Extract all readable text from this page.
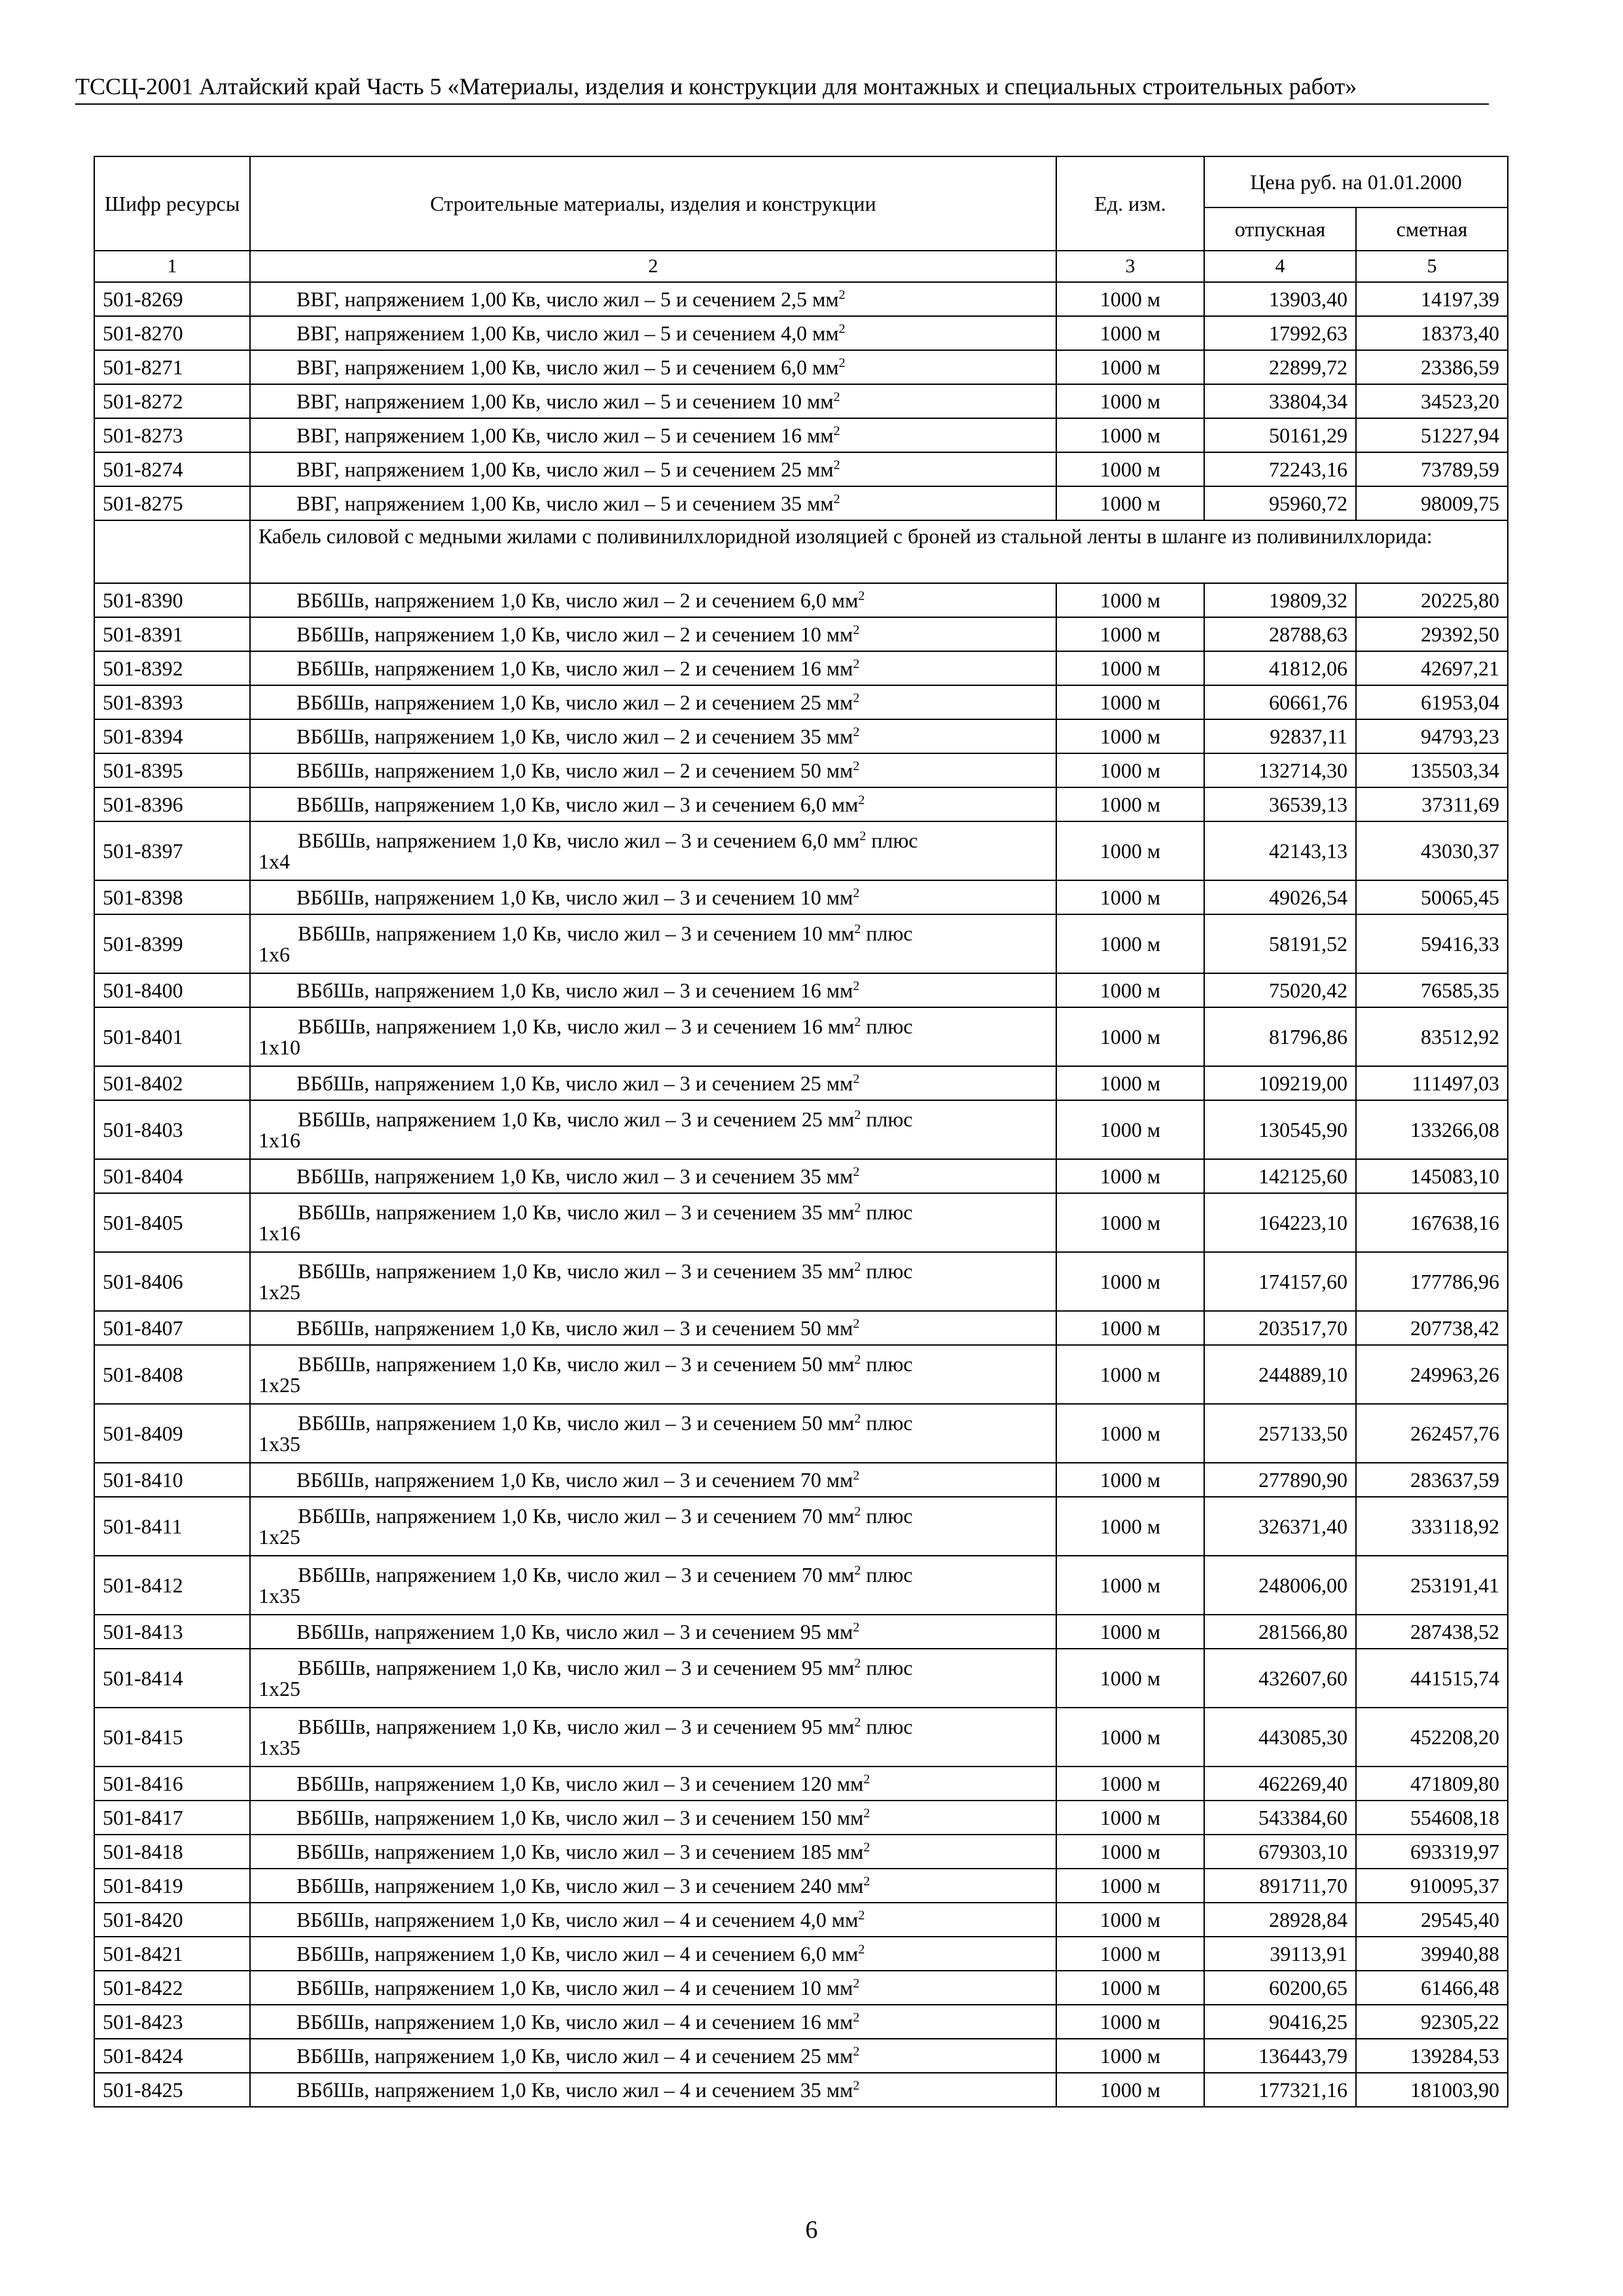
ТССЦ-2001 Алтайский край Часть 5 «Материалы, изделия и конструкции для монтажных и специальных строительных работ»
Шифр ресурсы	Строительные материалы, изделия и конструкции	Ед. изм.	Цена руб. на 01.01.2000	
			отпускная	сметная
1	2	3	4	5
501-8269	ВВГ, напряжением 1,00 Кв, число жил – 5 и сечением 2,5 $мм^2$	1000 м	13903,40	14197,39
501-8270	ВВГ, напряжением 1,00 Кв, число жил – 5 и сечением 4,0 $мм^2$	1000 м	17992,63	18373,40
501-8271	ВВГ, напряжением 1,00 Кв, число жил – 5 и сечением 6,0 $мм^2$	1000 м	22899,72	23386,59
501-8272	ВВГ, напряжением 1,00 Кв, число жил – 5 и сечением 10 $мм^2$	1000 м	33804,34	34523,20
501-8273	ВВГ, напряжением 1,00 Кв, число жил – 5 и сечением 16 $мм^2$	1000 м	50161,29	51227,94
501-8274	ВВГ, напряжением 1,00 Кв, число жил – 5 и сечением 25 $мм^2$	1000 м	72243,16	73789,59
501-8275	ВВГ, напряжением 1,00 Кв, число жил – 5 и сечением 35 $мм^2$	1000 м	95960,72	98009,75
	Кабель силовой с медными жилами с поливинилхлоридной изоляцией с броней из стальной ленты в шланге из поливинилхлорида:			
501-8390	ВБбШв, напряжением 1,0 Кв, число жил – 2 и сечением 6,0 $мм^2$	1000 м	19809,32	20225,80
501-8391	ВБбШв, напряжением 1,0 Кв, число жил – 2 и сечением 10 $мм^2$	1000 м	28788,63	29392,50
501-8392	ВБбШв, напряжением 1,0 Кв, число жил – 2 и сечением 16 $мм^2$	1000 м	41812,06	42697,21
501-8393	ВБбШв, напряжением 1,0 Кв, число жил – 2 и сечением 25 $мм^2$	1000 м	60661,76	61953,04
501-8394	ВБбШв, напряжением 1,0 Кв, число жил – 2 и сечением 35 $мм^2$	1000 м	92837,11	94793,23
501-8395	ВБбШв, напряжением 1,0 Кв, число жил – 2 и сечением 50 $мм^2$	1000 м	132714,30	135503,34
501-8396	ВБбШв, напряжением 1,0 Кв, число жил – 3 и сечением 6,0 $мм^2$	1000 м	36539,13	37311,69
501-8397	ВБбШв, напряжением 1,0 Кв, число жил – 3 и сечением 6,0 $мм^2$ плюс
1х4	1000 м	42143,13	43030,37
501-8398	ВБбШв, напряжением 1,0 Кв, число жил – 3 и сечением 10 $мм^2$	1000 м	49026,54	50065,45
501-8399	ВБбШв, напряжением 1,0 Кв, число жил – 3 и сечением 10 $мм^2$ плюс
1х6	1000 м	58191,52	59416,33
501-8400	ВБбШв, напряжением 1,0 Кв, число жил – 3 и сечением 16 $мм^2$	1000 м	75020,42	76585,35
501-8401	ВБбШв, напряжением 1,0 Кв, число жил – 3 и сечением 16 $мм^2$ плюс
1х10	1000 м	81796,86	83512,92
501-8402	ВБбШв, напряжением 1,0 Кв, число жил – 3 и сечением 25 $мм^2$	1000 м	109219,00	111497,03
501-8403	ВБбШв, напряжением 1,0 Кв, число жил – 3 и сечением 25 $мм^2$ плюс
1х16	1000 м	130545,90	133266,08
501-8404	ВБбШв, напряжением 1,0 Кв, число жил – 3 и сечением 35 $мм^2$	1000 м	142125,60	145083,10
501-8405	ВБбШв, напряжением 1,0 Кв, число жил – 3 и сечением 35 $мм^2$ плюс
1х16	1000 м	164223,10	167638,16
501-8406	ВБбШв, напряжением 1,0 Кв, число жил – 3 и сечением 35 $мм^2$ плюс
1х25	1000 м	174157,60	177786,96
501-8407	ВБбШв, напряжением 1,0 Кв, число жил – 3 и сечением 50 $мм^2$	1000 м	203517,70	207738,42
501-8408	ВБбШв, напряжением 1,0 Кв, число жил – 3 и сечением 50 $мм^2$ плюс
1х25	1000 м	244889,10	249963,26
501-8409	ВБбШв, напряжением 1,0 Кв, число жил – 3 и сечением 50 $мм^2$ плюс
1х35	1000 м	257133,50	262457,76
501-8410	ВБбШв, напряжением 1,0 Кв, число жил – 3 и сечением 70 $мм^2$	1000 м	277890,90	283637,59
501-8411	ВБбШв, напряжением 1,0 Кв, число жил – 3 и сечением 70 $мм^2$ плюс
1х25	1000 м	326371,40	333118,92
501-8412	ВБбШв, напряжением 1,0 Кв, число жил – 3 и сечением 70 $мм^2$ плюс
1х35	1000 м	248006,00	253191,41
501-8413	ВБбШв, напряжением 1,0 Кв, число жил – 3 и сечением 95 $мм^2$	1000 м	281566,80	287438,52
501-8414	ВБбШв, напряжением 1,0 Кв, число жил – 3 и сечением 95 $мм^2$ плюс
1х25	1000 м	432607,60	441515,74
501-8415	ВБбШв, напряжением 1,0 Кв, число жил – 3 и сечением 95 $мм^2$ плюс
1х35	1000 м	443085,30	452208,20
501-8416	ВБбШв, напряжением 1,0 Кв, число жил – 3 и сечением 120 $мм^2$	1000 м	462269,40	471809,80
501-8417	ВБбШв, напряжением 1,0 Кв, число жил – 3 и сечением 150 $мм^2$	1000 м	543384,60	554608,18
501-8418	ВБбШв, напряжением 1,0 Кв, число жил – 3 и сечением 185 $мм^2$	1000 м	679303,10	693319,97
501-8419	ВБбШв, напряжением 1,0 Кв, число жил – 3 и сечением 240 $мм^2$	1000 м	891711,70	910095,37
501-8420	ВБбШв, напряжением 1,0 Кв, число жил – 4 и сечением 4,0 $мм^2$	1000 м	28928,84	29545,40
501-8421	ВБбШв, напряжением 1,0 Кв, число жил – 4 и сечением 6,0 $мм^2$	1000 м	39113,91	39940,88
501-8422	ВБбШв, напряжением 1,0 Кв, число жил – 4 и сечением 10 $мм^2$	1000 м	60200,65	61466,48
501-8423	ВБбШв, напряжением 1,0 Кв, число жил – 4 и сечением 16 $мм^2$	1000 м	90416,25	92305,22
501-8424	ВБбШв, напряжением 1,0 Кв, число жил – 4 и сечением 25 $мм^2$	1000 м	136443,79	139284,53
501-8425	ВБбШв, напряжением 1,0 Кв, число жил – 4 и сечением 35 $мм^2$	1000 м	177321,16	181003,90
6
